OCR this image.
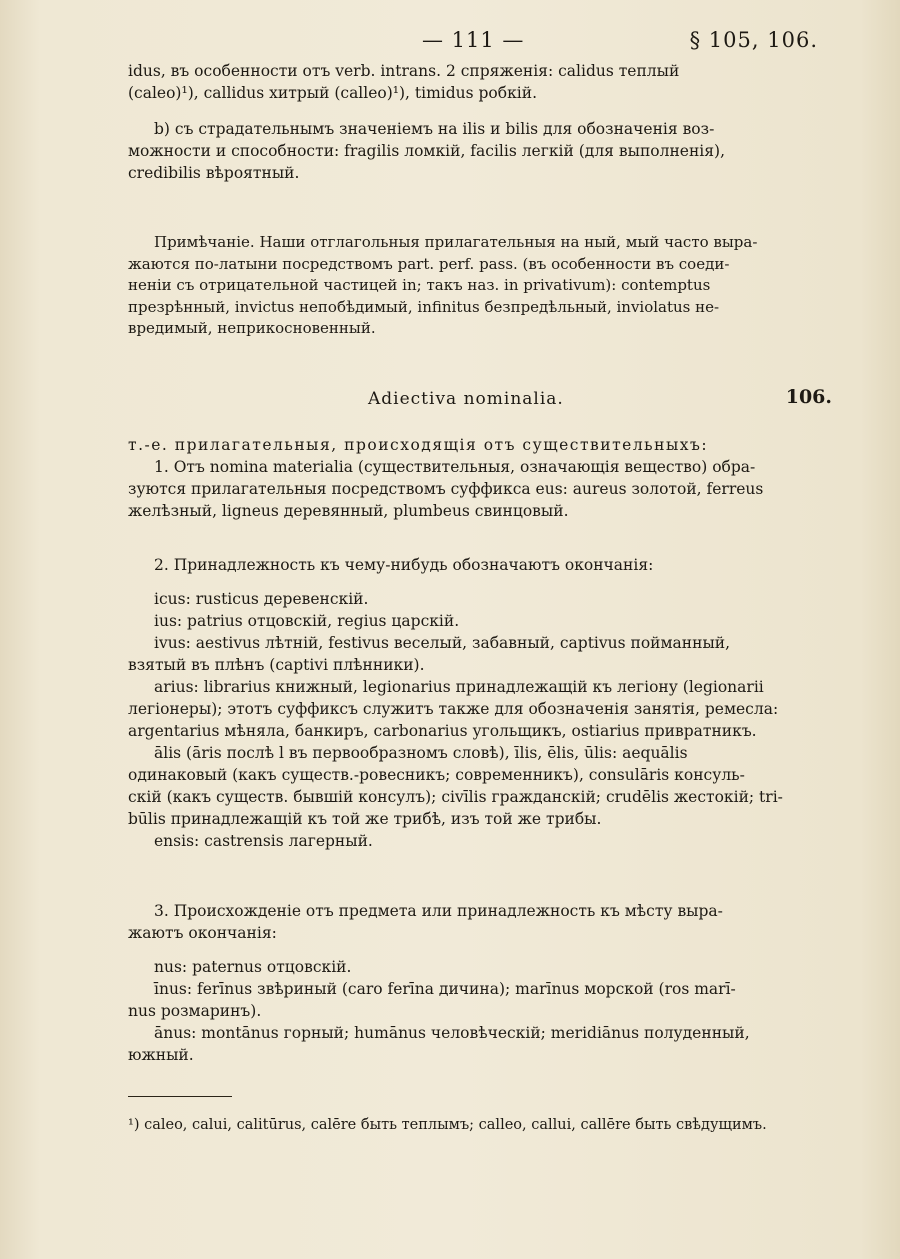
— 111 —	§ 105, 106.

idus, въ особенности отъ verb. intrans. 2 спряженія: calidus теплый

(caleo)¹), callidus хитрый (calleo)¹), timidus робкій.

b) съ страдательнымъ значеніемъ на ilis и bilis для обозначенія воз-

можности и способности: fragilis ломкій, facilis легкій (для выполненія),

credibilis вѣроятный.

Примѣчаніе. Наши отглагольныя прилагательныя на ный, мый часто выра-

жаются по-латыни посредствомъ part. perf. pass. (въ особенности въ соеди-

неніи съ отрицательной частицей in; такъ наз. in privativum): contemptus

презрѣнный, invictus непобѣдимый, infinitus безпредѣльный, inviolatus не-

вредимый, неприкосновенный.

Adiectiva nominalia.	106.

т.-е. прилагательныя, происходящія отъ существительныхъ:

1. Отъ nomina materialia (существительныя, означающія вещество) обра-

зуются прилагательныя посредствомъ суффикса eus: aureus золотой, ferreus

желѣзный, ligneus деревянный, plumbeus свинцовый.

2. Принадлежность къ чему-нибудь обозначаютъ окончанія:

icus: rusticus деревенскій.

ius: patrius отцовскій, regius царскій.

ivus: aestivus лѣтній, festivus веселый, забавный, captivus пойманный,

взятый въ плѣнъ (captivi плѣнники).

arius: librarius книжный, legionarius принадлежащій къ легіону (legionarii

легіонеры); этотъ суффиксъ служитъ также для обозначенія занятія, ремесла:

argentarius мѣняла, банкиръ, carbonarius угольщикъ, ostiarius привратникъ.

ālis (āris послѣ l въ первообразномъ словѣ), īlis, ēlis, ūlis: aequālis

одинаковый (какъ существ.-ровесникъ; современникъ), consulāris консуль-

скій (какъ существ. бывшій консулъ); civīlis гражданскій; crudēlis жестокій; tri-

būlis принадлежащій къ той же трибѣ, изъ той же трибы.

ensis: castrensis лагерный.

3. Происхожденіе отъ предмета или принадлежность къ мѣсту выра-

жаютъ окончанія:

nus: paternus отцовскій.

īnus: ferīnus звѣриный (caro ferīna дичина); marīnus морской (ros marī-

nus розмаринъ).

ānus: montānus горный; humānus человѣческій; meridiānus полуденный,

южный.

¹) caleo, calui, calitūrus, calēre быть теплымъ; calleo, callui, callēre быть свѣдущимъ.
